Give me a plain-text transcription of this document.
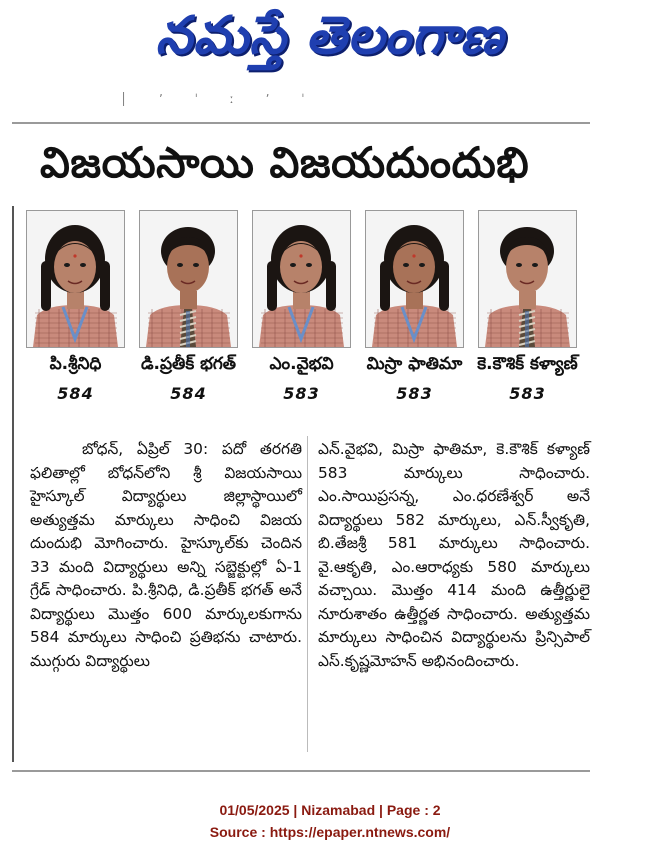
నమస్తే తెలంగాణ
│ ʼ ˈ ː ʼ ˈ
విజయసాయి విజయదుందుభి
పి.శ్రీనిధి
584
డి.ప్రతీక్ భగత్
584
ఎం.వైభవి
583
మిస్రా ఫాతిమా
583
కె.కౌశిక్ కళ్యాణ్
583
బోధన్, ఏప్రిల్ 30: పదో తరగతి ఫలితాల్లో బోధన్‌లోని శ్రీ విజయసాయి హైస్కూల్ విద్యార్థులు జిల్లాస్థాయిలో అత్యుత్తమ మార్కులు సాధించి విజయ దుందుభి మోగించారు. హైస్కూల్‌కు చెందిన 33 మంది విద్యార్థులు అన్ని సబ్జెక్టుల్లో ఏ-1 గ్రేడ్ సాధించారు. పి.శ్రీనిధి, డి.ప్రతీక్ భగత్ అనే విద్యార్థులు మొత్తం 600 మార్కులకుగాను 584 మార్కులు సాధించి ప్రతిభను చాటారు. ముగ్గురు విద్యార్థులు
ఎన్.వైభవి, మిస్రా ఫాతిమా, కె.కౌశిక్ కళ్యాణ్ 583 మార్కులు సాధించారు. ఎం.సాయిప్రసన్న, ఎం.ధరణేశ్వర్ అనే విద్యార్థులు 582 మార్కులు, ఎన్.స్వీకృతి, బి.తేజశ్రీ 581 మార్కులు సాధించారు. వై.ఆకృతి, ఎం.ఆరాధ్యకు 580 మార్కులు వచ్చాయి. మొత్తం 414 మంది ఉత్తీర్ణులై నూరుశాతం ఉత్తీర్ణత సాధించారు. అత్యుత్తమ మార్కులు సాధించిన విద్యార్థులను ప్రిన్సిపాల్ ఎస్.కృష్ణమోహన్ అభినందించారు.
01/05/2025 | Nizamabad | Page : 2
Source : https://epaper.ntnews.com/
